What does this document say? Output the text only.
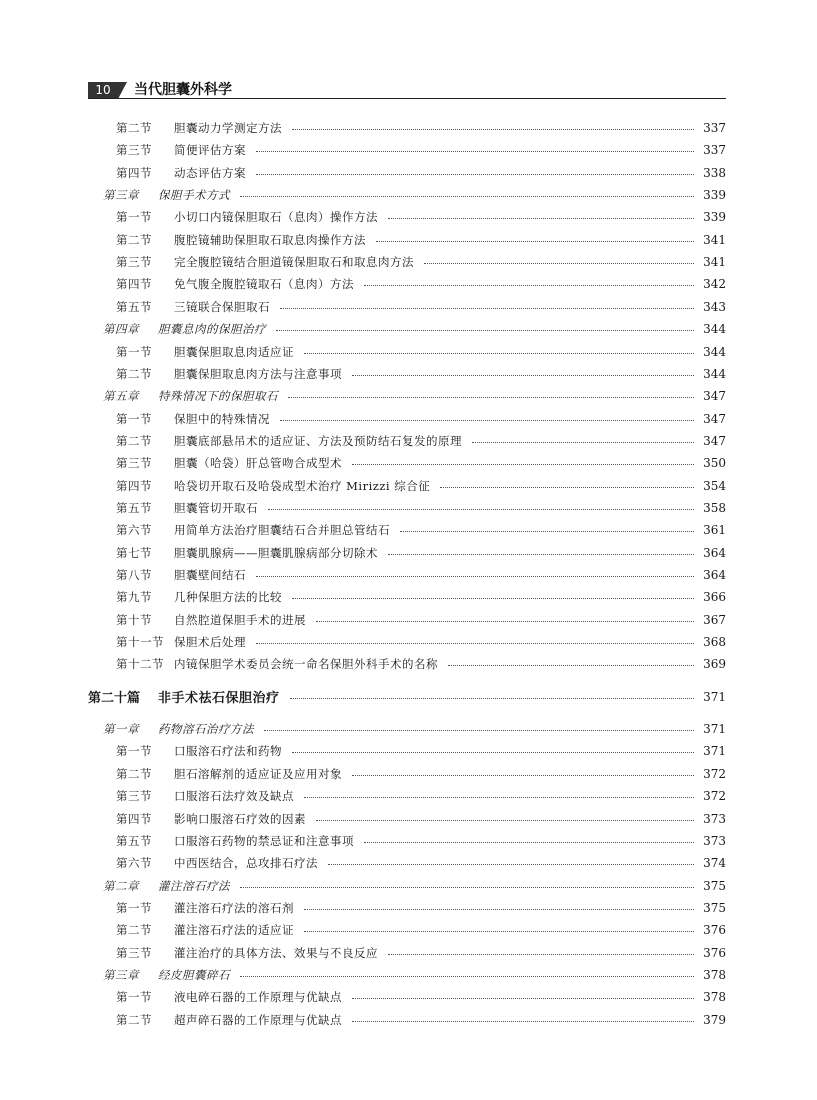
10	当代胆囊外科学
第二节 胆囊动力学测定方法	337
第三节 简便评估方案	337
第四节 动态评估方案	338
第三章 保胆手术方式	339
第一节 小切口内镜保胆取石（息肉）操作方法	339
第二节 腹腔镜辅助保胆取石取息肉操作方法	341
第三节 完全腹腔镜结合胆道镜保胆取石和取息肉方法	341
第四节 免气腹全腹腔镜取石（息肉）方法	342
第五节 三镜联合保胆取石	343
第四章 胆囊息肉的保胆治疗	344
第一节 胆囊保胆取息肉适应证	344
第二节 胆囊保胆取息肉方法与注意事项	344
第五章 特殊情况下的保胆取石	347
第一节 保胆中的特殊情况	347
第二节 胆囊底部悬吊术的适应证、方法及预防结石复发的原理	347
第三节 胆囊（哈袋）肝总管吻合成型术	350
第四节 哈袋切开取石及哈袋成型术治疗 Mirizzi 综合征	354
第五节 胆囊管切开取石	358
第六节 用简单方法治疗胆囊结石合并胆总管结石	361
第七节 胆囊肌腺病——胆囊肌腺病部分切除术	364
第八节 胆囊壁间结石	364
第九节 几种保胆方法的比较	366
第十节 自然腔道保胆手术的进展	367
第十一节 保胆术后处理	368
第十二节 内镜保胆学术委员会统一命名保胆外科手术的名称	369
第二十篇 非手术祛石保胆治疗	371
第一章 药物溶石治疗方法	371
第一节 口服溶石疗法和药物	371
第二节 胆石溶解剂的适应证及应用对象	372
第三节 口服溶石法疗效及缺点	372
第四节 影响口服溶石疗效的因素	373
第五节 口服溶石药物的禁忌证和注意事项	373
第六节 中西医结合，总攻排石疗法	374
第二章 灌注溶石疗法	375
第一节 灌注溶石疗法的溶石剂	375
第二节 灌注溶石疗法的适应证	376
第三节 灌注治疗的具体方法、效果与不良反应	376
第三章 经皮胆囊碎石	378
第一节 液电碎石器的工作原理与优缺点	378
第二节 超声碎石器的工作原理与优缺点	379
